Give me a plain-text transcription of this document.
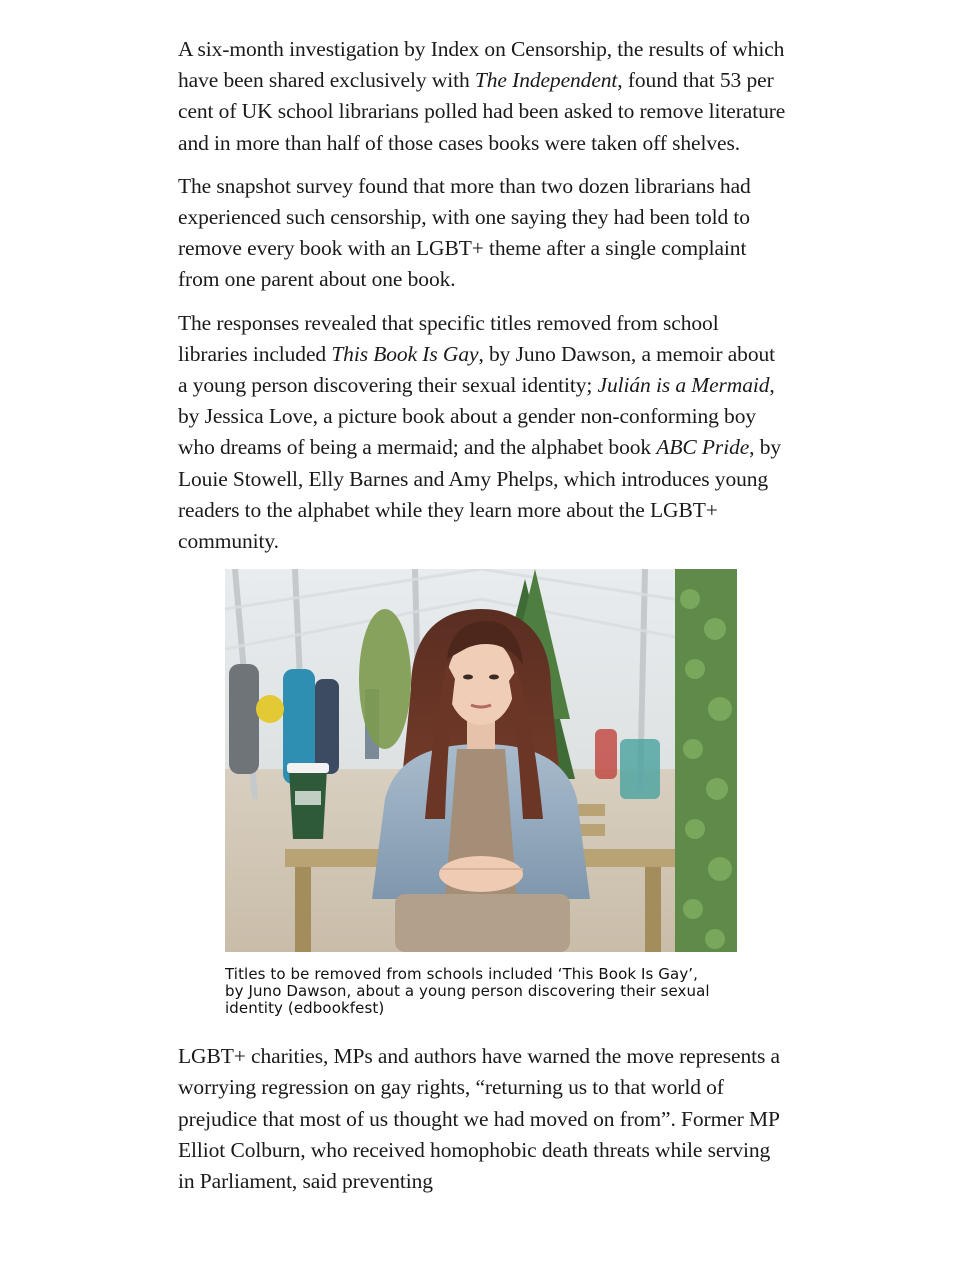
A six-month investigation by Index on Censorship, the results of which have been shared exclusively with The Independent, found that 53 per cent of UK school librarians polled had been asked to remove literature and in more than half of those cases books were taken off shelves.

The snapshot survey found that more than two dozen librarians had experienced such censorship, with one saying they had been told to remove every book with an LGBT+ theme after a single complaint from one parent about one book.

The responses revealed that specific titles removed from school libraries included This Book Is Gay, by Juno Dawson, a memoir about a young person discovering their sexual identity; Julián is a Mermaid, by Jessica Love, a picture book about a gender non-conforming boy who dreams of being a mermaid; and the alphabet book ABC Pride, by Louie Stowell, Elly Barnes and Amy Phelps, which introduces young readers to the alphabet while they learn more about the LGBT+ community.

Titles to be removed from schools included ‘This Book Is Gay’, by Juno Dawson, about a young person discovering their sexual identity (edbookfest)

LGBT+ charities, MPs and authors have warned the move represents a worrying regression on gay rights, “returning us to that world of prejudice that most of us thought we had moved on from”. Former MP Elliot Colburn, who received homophobic death threats while serving in Parliament, said preventing
